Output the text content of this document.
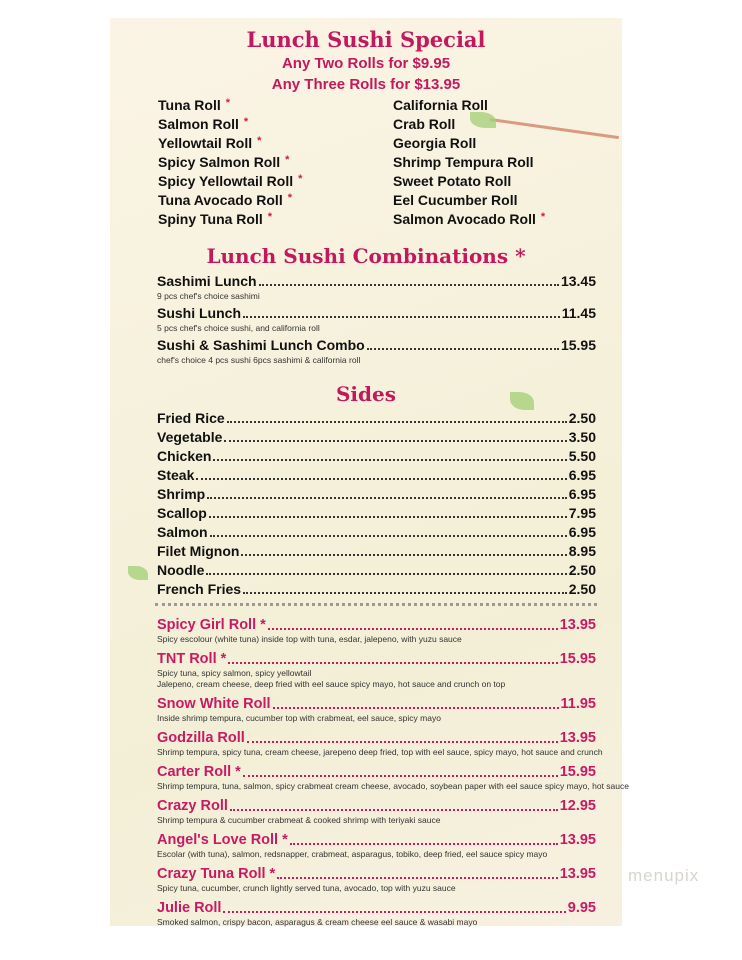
Lunch Sushi Special
Any Two Rolls for $9.95
Any Three Rolls for $13.95
Lunch Sushi Combinations *
Sides
menupix
Tuna Roll *
Salmon Roll *
Yellowtail Roll *
Spicy Salmon Roll *
Spicy Yellowtail Roll *
Tuna Avocado Roll *
Spiny Tuna Roll *
California Roll
Crab Roll
Georgia Roll
Shrimp Tempura Roll
Sweet Potato Roll
Eel Cucumber Roll
Salmon Avocado Roll *
Sashimi Lunch	13.45
9 pcs chef's choice sashimi
Sushi Lunch	11.45
5 pcs chef's choice sushi, and california roll
Sushi & Sashimi Lunch Combo	15.95
chef's choice 4 pcs sushi 6pcs sashimi & california roll
Fried Rice	2.50
Vegetable	3.50
Chicken	5.50
Steak	6.95
Shrimp	6.95
Scallop	7.95
Salmon	6.95
Filet Mignon	8.95
Noodle	2.50
French Fries	2.50
Spicy Girl Roll *	13.95
Spicy escolour (white tuna) inside top with tuna, esdar, jalepeno, with yuzu sauce
TNT Roll *	15.95
Spicy tuna, spicy salmon, spicy yellowtail
Jalepeno, cream cheese, deep fried with eel sauce spicy mayo, hot sauce and crunch on top
Snow White Roll	11.95
Inside shrimp tempura, cucumber top with crabmeat, eel sauce, spicy mayo
Godzilla Roll	13.95
Shrimp tempura, spicy tuna, cream cheese, jarepeno deep fried, top with eel sauce, spicy mayo, hot sauce and crunch
Carter Roll *	15.95
Shrimp tempura, tuna, salmon, spicy crabmeat cream cheese, avocado, soybean paper with eel sauce spicy mayo, hot sauce
Crazy Roll	12.95
Shrimp tempura & cucumber crabmeat & cooked shrimp with teriyaki sauce
Angel's Love Roll *	13.95
Escolar (with tuna), salmon, redsnapper, crabmeat, asparagus, tobiko, deep fried, eel sauce spicy mayo
Crazy Tuna Roll *	13.95
Spicy tuna, cucumber, crunch lightly served tuna, avocado, top with yuzu sauce
Julie Roll	9.95
Smoked salmon, crispy bacon, asparagus & cream cheese eel sauce & wasabi mayo
